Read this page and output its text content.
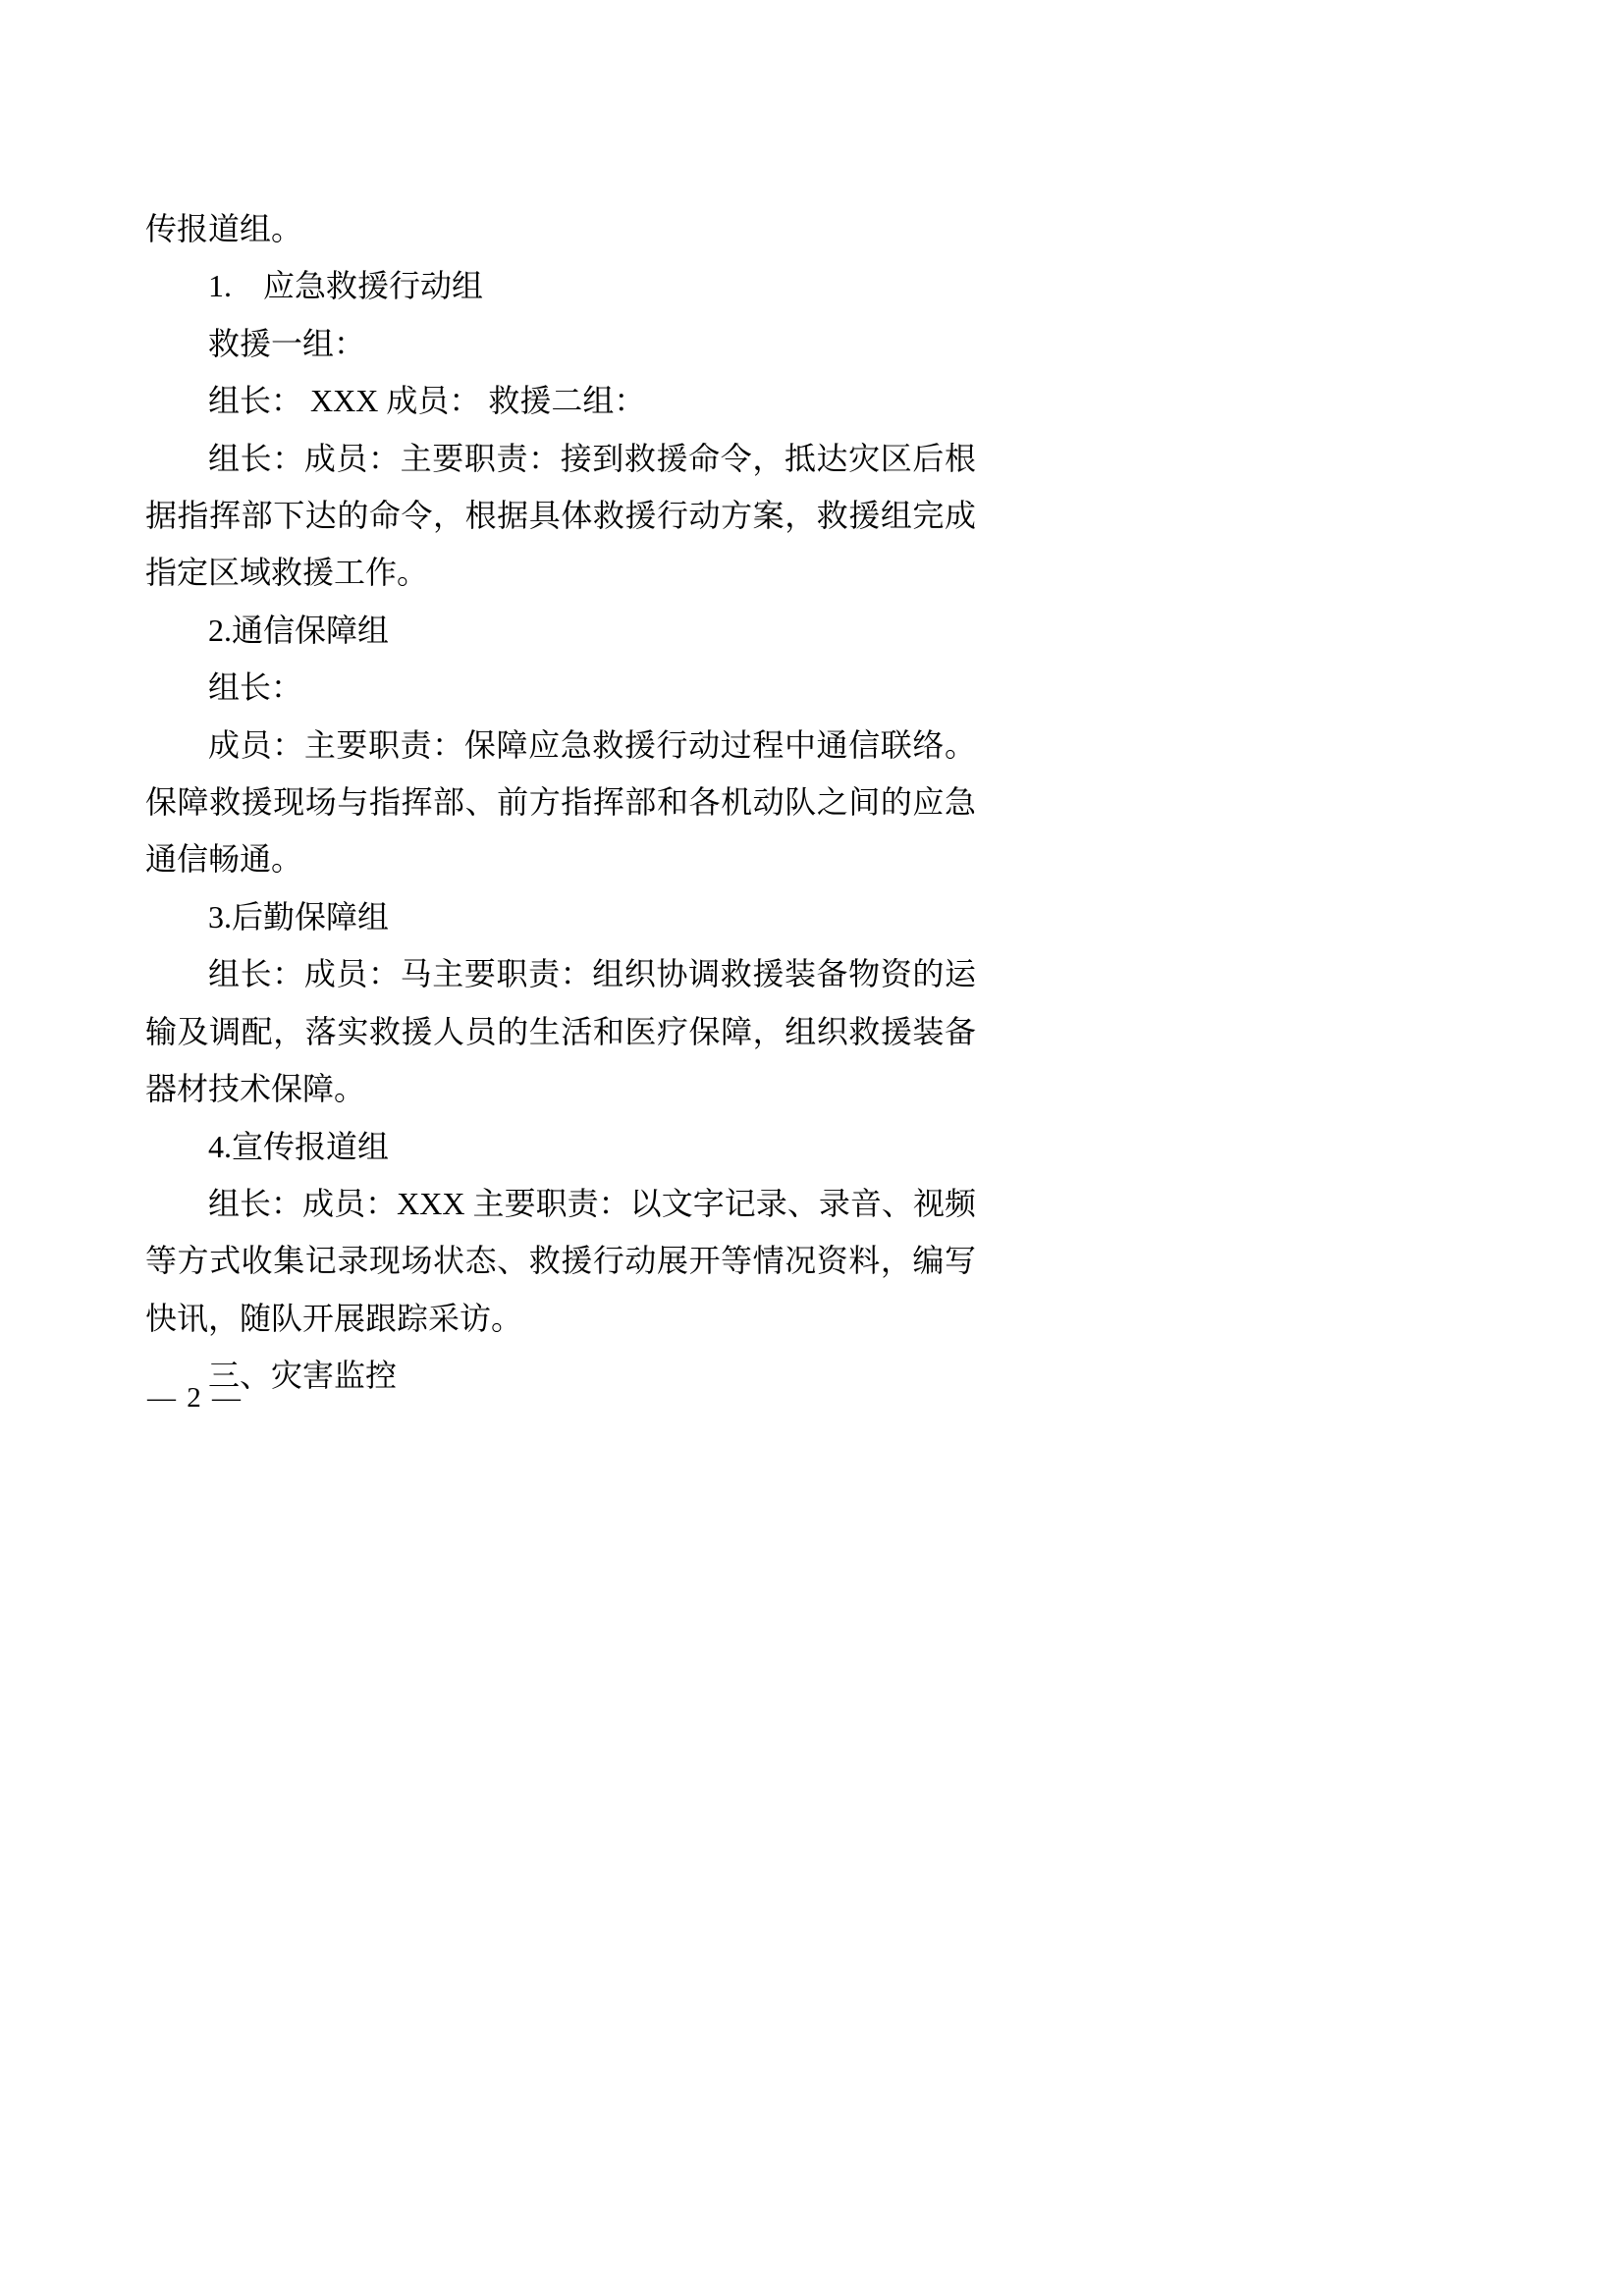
传报道组。

1.　应急救援行动组

救援一组：

组长： XXX 成员： 救援二组：

组长：成员：主要职责：接到救援命令，抵达灾区后根据指挥部下达的命令，根据具体救援行动方案，救援组完成指定区域救援工作。

2.通信保障组

组长：

成员：主要职责：保障应急救援行动过程中通信联络。保障救援现场与指挥部、前方指挥部和各机动队之间的应急通信畅通。

3.后勤保障组

组长：成员：马主要职责：组织协调救援装备物资的运输及调配，落实救援人员的生活和医疗保障，组织救援装备器材技术保障。

4.宣传报道组

组长：成员：XXX 主要职责：以文字记录、录音、视频等方式收集记录现场状态、救援行动展开等情况资料，编写快讯，随队开展跟踪采访。

三、灾害监控

— 2 —
